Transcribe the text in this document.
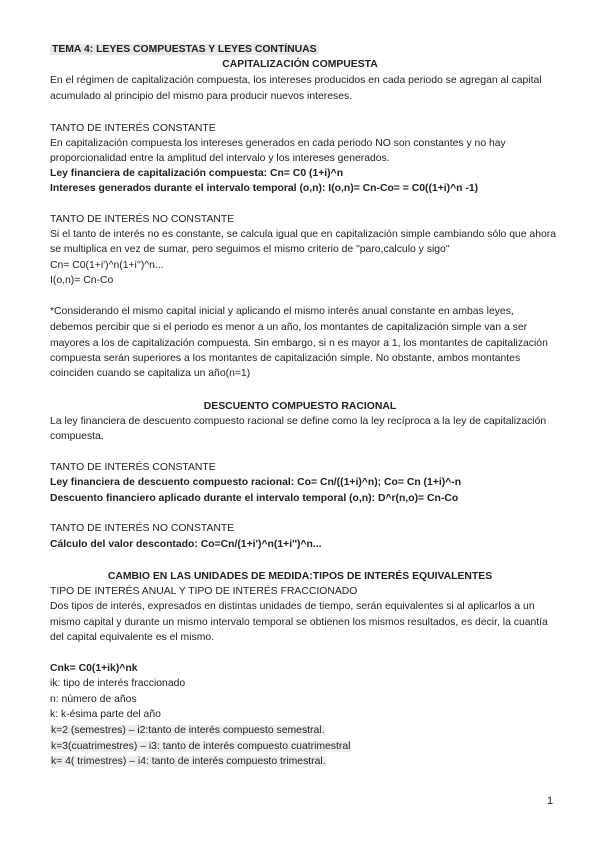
TEMA 4: LEYES COMPUESTAS Y LEYES CONTÍNUAS
CAPITALIZACIÓN COMPUESTA
En el régimen de capitalización compuesta, los intereses producidos en cada periodo se agregan al capital
acumulado al principio del mismo para producir nuevos intereses.
TANTO DE INTERÉS CONSTANTE
En capitalización compuesta los intereses generados en cada periodo NO son constantes y no hay
proporcionalidad entre la amplitud del intervalo y los intereses generados.
Ley financiera de capitalización compuesta: Cn= C0 (1+i)^n
Intereses generados durante el intervalo temporal (o,n): I(o,n)= Cn-Co= = C0((1+i)^n -1)
TANTO DE INTERÉS NO CONSTANTE
Si el tanto de interés no es constante, se calcula igual que en capitalización simple cambiando sólo que ahora
se multiplica en vez de sumar, pero seguimos el mismo criterio de "paro,calculo y sigo"
Cn= C0(1+i')^n(1+i'')^n...
I(o,n)= Cn-Co
*Considerando el mismo capital inicial y aplicando el mismo interés anual constante en ambas leyes,
debemos percibir que si el periodo es menor a un año, los montantes de capitalización simple van a ser
mayores a los de capitalización compuesta. Sin embargo, si n es mayor a 1, los montantes de capitalización
compuesta serán superiores a los montantes de capitalización simple. No obstante, ambos montantes
coinciden cuando se capitaliza un año(n=1)
DESCUENTO COMPUESTO RACIONAL
La ley financiera de descuento compuesto racional se define como la ley recíproca a la ley de capitalización
compuesta.
TANTO DE INTERÉS CONSTANTE
Ley financiera de descuento compuesto racional: Co= Cn/((1+i)^n); Co= Cn (1+i)^-n
Descuento financiero aplicado durante el intervalo temporal (o,n): D^r(n,o)= Cn-Co
TANTO DE INTERÉS NO CONSTANTE
Cálculo del valor descontado: Co=Cn/(1+i')^n(1+i'')^n...
CAMBIO EN LAS UNIDADES DE MEDIDA:TIPOS DE INTERÉS EQUIVALENTES
TIPO DE INTERÉS ANUAL Y TIPO DE INTERÉS FRACCIONADO
Dos tipos de interés, expresados en distintas unidades de tiempo, serán equivalentes si al aplicarlos a un
mismo capital y durante un mismo intervalo temporal se obtienen los mismos resultados, es decir, la cuantía
del capital equivalente es el mismo.
Cnk= C0(1+ik)^nk
ik: tipo de interés fraccionado
n: número de años
k: k-ésima parte del año
k=2 (semestres) – i2:tanto de interés compuesto semestral.
k=3(cuatrimestres) – i3: tanto de interés compuesto cuatrimestral
k= 4( trimestres) – i4: tanto de interés compuesto trimestral.
1
